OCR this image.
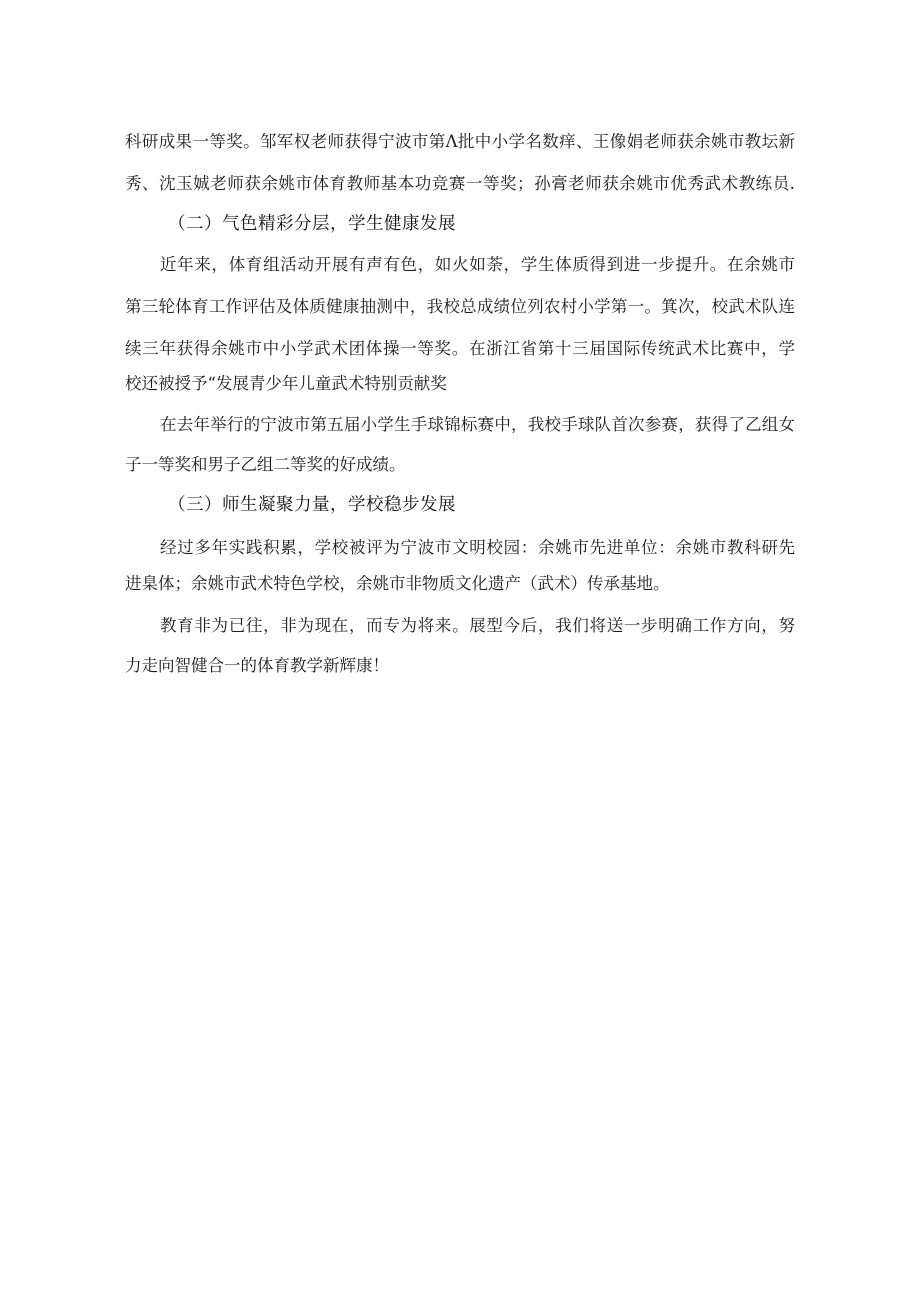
科研成果一等奖。邹军权老师获得宁波市第Λ批中小学名数痒、王像娟老师获余姚市教坛新
秀、沈玉娍老师获余姚市体育教师基本功竞赛一等奖；孙膏老师获余姚市优秀武术教练员.
（二）气色精彩分层，学生健康发展
近年来，体育组活动开展有声有色，如火如荼，学生体质得到进一步提升。在余姚市
第三轮体育工作评估及体质健康抽测中，我校总成绩位列农村小学第一。箕次，校武术队连
续三年获得余姚市中小学武术团体操一等奖。在浙江省第十三届国际传统武术比赛中，学
校还被授予“发展青少年儿童武术特别贡献奖
在去年举行的宁波市第五届小学生手球锦标赛中，我校手球队首次参赛，获得了乙组女
子一等奖和男子乙组二等奖的好成绩。
（三）师生凝聚力量，学校稳步发展
经过多年实践积累，学校被评为宁波市文明校园：余姚市先进单位：余姚市教科研先
进臬体；余姚市武术特色学校，余姚市非物质文化遗产（武术）传承基地。
教育非为已往，非为现在，而专为将来。展型今后，我们将送一步明确工作方向，努
力走向智健合一的体育教学新辉康！
